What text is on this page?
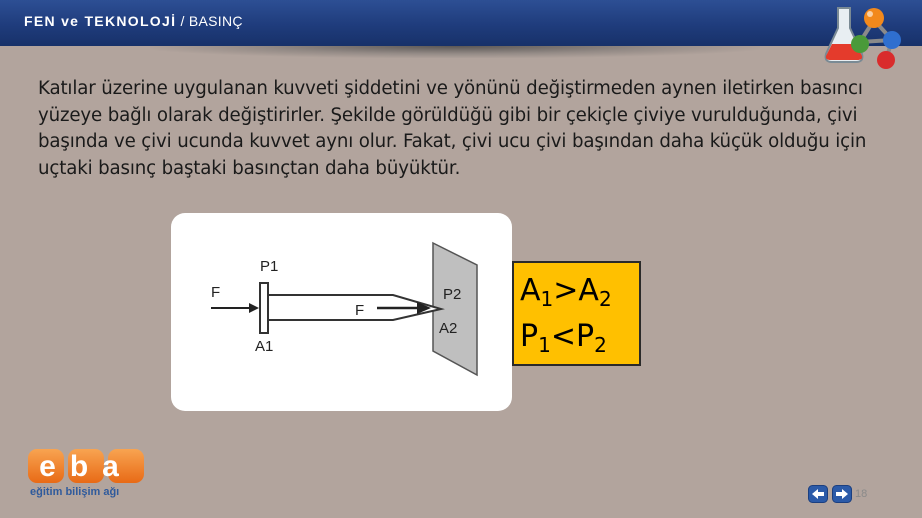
FEN ve TEKNOLOJİ / BASINÇ

Katılar üzerine uygulanan kuvveti şiddetini ve yönünü değiştirmeden aynen iletirken basıncı yüzeye bağlı olarak değiştirirler. Şekilde görüldüğü gibi bir çekiçle çiviye vurulduğunda, çivi başında ve çivi ucunda kuvvet aynı olur. Fakat, çivi ucu çivi başından daha küçük olduğu için uçtaki basınç baştaki basınçtan daha büyüktür.

P1
F
A1
F
P2
A2
$A_1>A_2$
$P_1<P_2$
eba
eğitim bilişim ağı	18
